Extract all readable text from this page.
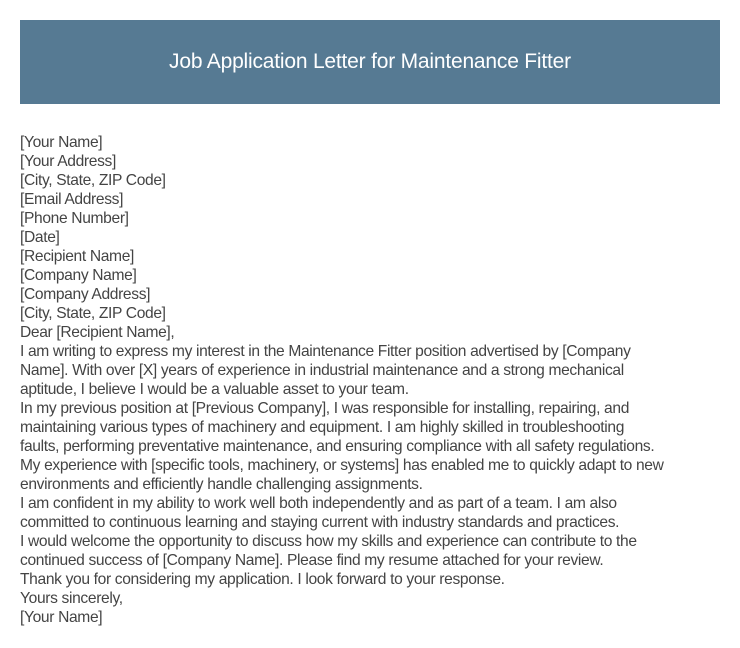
Job Application Letter for Maintenance Fitter
[Your Name]
[Your Address]
[City, State, ZIP Code]
[Email Address]
[Phone Number]
[Date]
[Recipient Name]
[Company Name]
[Company Address]
[City, State, ZIP Code]
Dear [Recipient Name],

I am writing to express my interest in the Maintenance Fitter position advertised by [Company
Name]. With over [X] years of experience in industrial maintenance and a strong mechanical
aptitude, I believe I would be a valuable asset to your team.

In my previous position at [Previous Company], I was responsible for installing, repairing, and
maintaining various types of machinery and equipment. I am highly skilled in troubleshooting
faults, performing preventative maintenance, and ensuring compliance with all safety regulations.
My experience with [specific tools, machinery, or systems] has enabled me to quickly adapt to new
environments and efficiently handle challenging assignments.

I am confident in my ability to work well both independently and as part of a team. I am also
committed to continuous learning and staying current with industry standards and practices.

I would welcome the opportunity to discuss how my skills and experience can contribute to the
continued success of [Company Name]. Please find my resume attached for your review.

Thank you for considering my application. I look forward to your response.

Yours sincerely,
[Your Name]
